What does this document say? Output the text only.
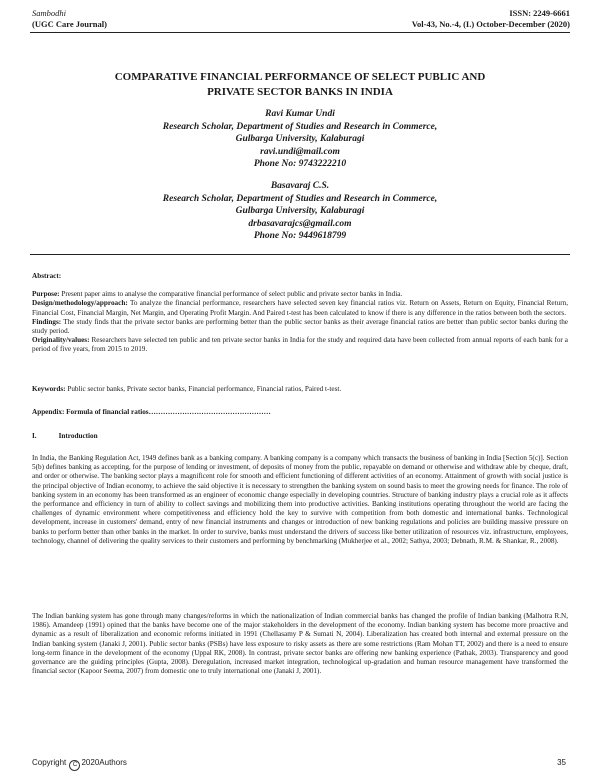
Sambodhi
(UGC Care Journal)
ISSN: 2249-6661
Vol-43, No.-4, (I.) October-December (2020)
COMPARATIVE FINANCIAL PERFORMANCE OF SELECT PUBLIC AND
PRIVATE SECTOR BANKS IN INDIA
Ravi Kumar Undi
Research Scholar, Department of Studies and Research in Commerce,
Gulbarga University, Kalaburagi
ravi.undi@mail.com
Phone No: 9743222210
Basavaraj C.S.
Research Scholar, Department of Studies and Research in Commerce,
Gulbarga University, Kalaburagi
drbasavarajcs@gmail.com
Phone No: 9449618799

Abstract:

Purpose: Present paper aims to analyse the comparative financial performance of select public and private sector banks in India.

Design/methodology/approach: To analyze the financial performance, researchers have selected seven key financial ratios viz. Return on Assets, Return on Equity, Financial Return, Financial Cost, Financial Margin, Net Margin, and Operating Profit Margin. And Paired t-test has been calculated to know if there is any difference in the ratios between both the sectors.

Findings: The study finds that the private sector banks are performing better than the public sector banks as their average financial ratios are better than public sector banks during the study period.

Originality/values: Researchers have selected ten public and ten private sector banks in India for the study and required data have been collected from annual reports of each bank for a period of five years, from 2015 to 2019.

Keywords: Public sector banks, Private sector banks, Financial performance, Financial ratios, Paired t-test.

Appendix: Formula of financial ratios……………………………………………

I.	Introduction

In India, the Banking Regulation Act, 1949 defines bank as a banking company. A banking company is a company which transacts the business of banking in India [Section 5(c)]. Section 5(b) defines banking as accepting, for the purpose of lending or investment, of deposits of money from the public, repayable on demand or otherwise and withdraw able by cheque, draft, and order or otherwise. The banking sector plays a magnificent role for smooth and efficient functioning of different activities of an economy. Attainment of growth with social justice is the principal objective of Indian economy, to achieve the said objective it is necessary to strengthen the banking system on sound basis to meet the growing needs for finance. The role of banking system in an economy has been transformed as an engineer of economic change especially in developing countries. Structure of banking industry plays a crucial role as it affects the performance and efficiency in turn of ability to collect savings and mobilizing them into productive activities. Banking institutions operating throughout the world are facing the challenges of dynamic environment where competitiveness and efficiency hold the key to survive with competition from both domestic and international banks. Technological development, increase in customers' demand, entry of new financial instruments and changes or introduction of new banking regulations and policies are building massive pressure on banks to perform better than other banks in the market. In order to survive, banks must understand the drivers of success like better utilization of resources viz. infrastructure, employees, technology, channel of delivering the quality services to their customers and performing by benchmarking (Mukherjee et al., 2002; Sathya, 2003; Debnath, R.M. & Shankar, R., 2008).

The Indian banking system has gone through many changes/reforms in which the nationalization of Indian commercial banks has changed the profile of Indian banking (Malhotra R.N, 1986). Amandeep (1991) opined that the banks have become one of the major stakeholders in the development of the economy. Indian banking system has become more proactive and dynamic as a result of liberalization and economic reforms initiated in 1991 (Chellasamy P & Sumati N, 2004). Liberalization has created both internal and external pressure on the Indian banking system (Janaki J, 2001). Public sector banks (PSBs) have less exposure to risky assets as there are some restrictions (Ram Mohan TT, 2002) and there is a need to ensure long-term finance in the development of the economy (Uppal RK, 2008). In contrast, private sector banks are offering new banking experience (Pathak, 2003). Transparency and good governance are the guiding principles (Gupta, 2008). Deregulation, increased market integration, technological up-gradation and human resource management have transformed the financial sector (Kapoor Seema, 2007) from domestic one to truly international one (Janaki J, 2001).

Copyright C 2020Authors	35
